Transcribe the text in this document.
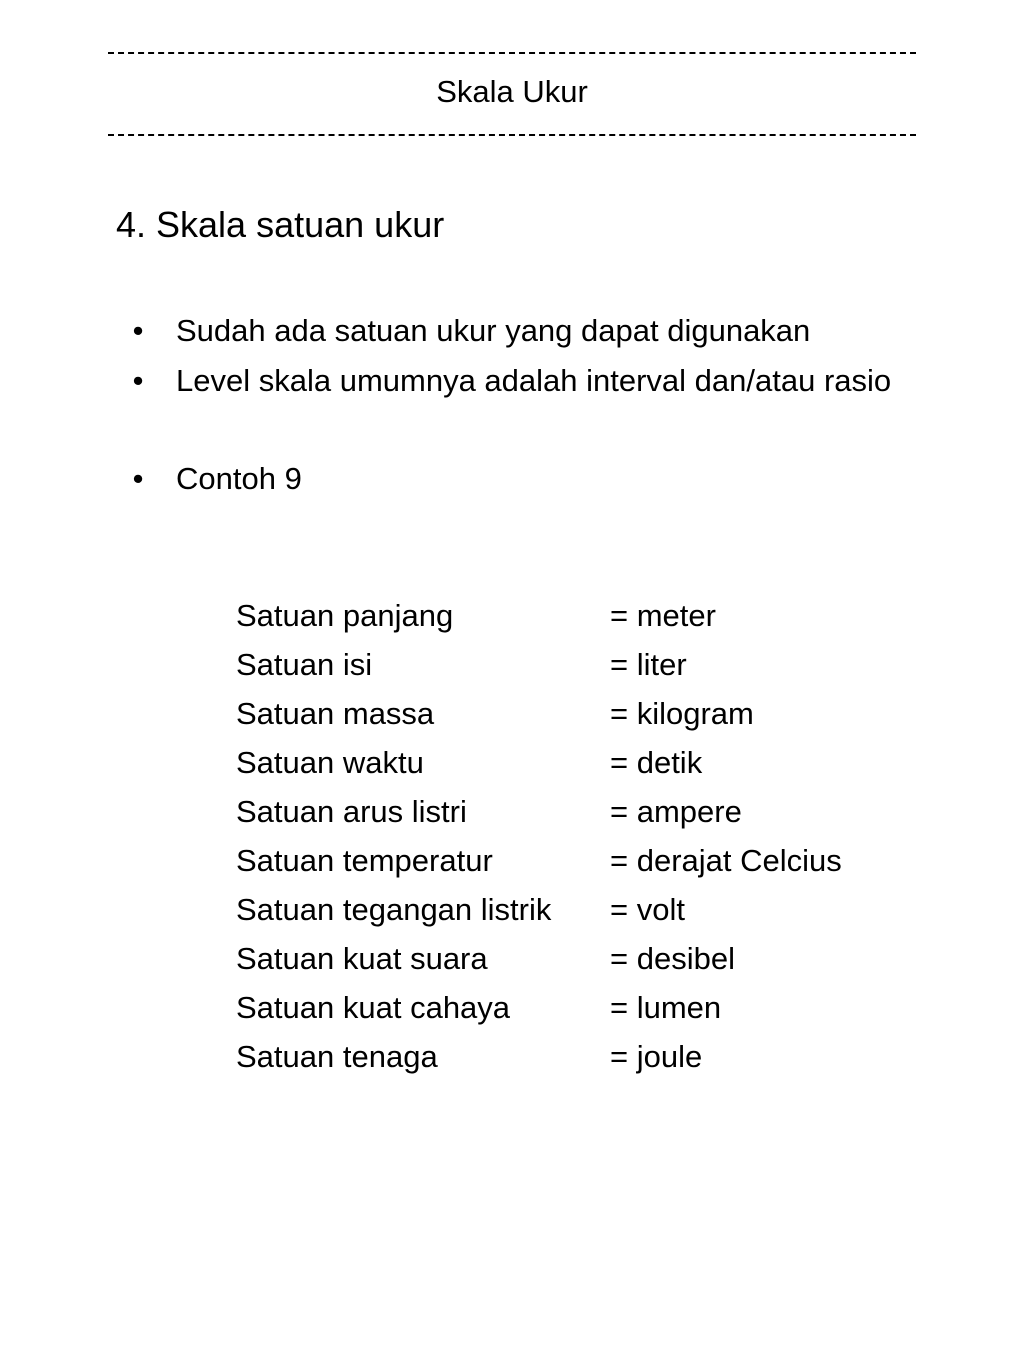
Skala Ukur
4. Skala satuan ukur
• Sudah ada satuan ukur yang dapat digunakan
• Level skala umumnya adalah interval dan/atau rasio
• Contoh 9
Satuan panjang	= meter
Satuan isi	= liter
Satuan massa	= kilogram
Satuan waktu	= detik
Satuan arus listri	= ampere
Satuan temperatur	= derajat Celcius
Satuan tegangan listrik	= volt
Satuan kuat suara	= desibel
Satuan kuat cahaya	= lumen
Satuan tenaga	= joule
